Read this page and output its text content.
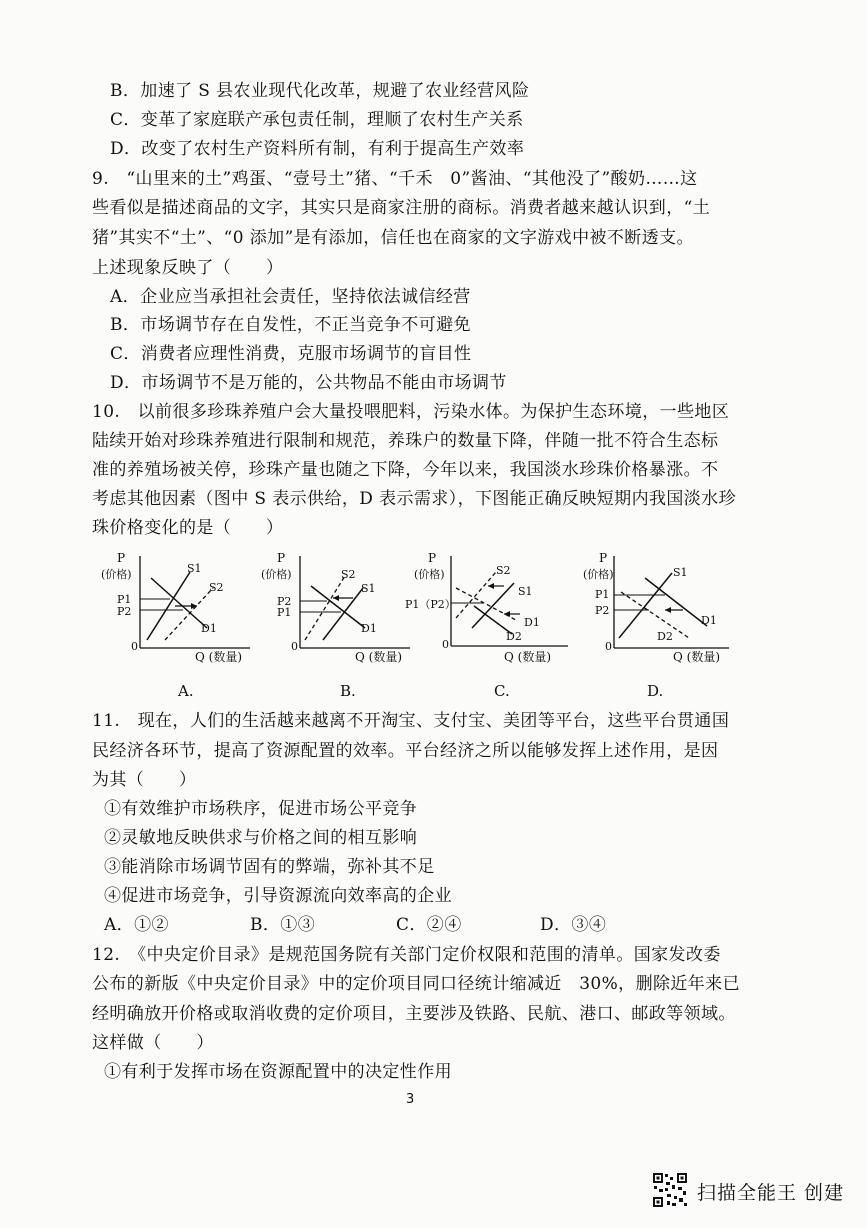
B．加速了 S 县农业现代化改革，规避了农业经营风险
C．变革了家庭联产承包责任制，理顺了农村生产关系
D．改变了农村生产资料所有制，有利于提高生产效率
9.　“山里来的土”鸡蛋、“壹号土”猪、“千禾　0”酱油、“其他没了”酸奶……这
些看似是描述商品的文字，其实只是商家注册的商标。消费者越来越认识到，“土
猪”其实不“土”、“0 添加”是有添加，信任也在商家的文字游戏中被不断透支。
上述现象反映了（　　）
A．企业应当承担社会责任，坚持依法诚信经营
B．市场调节存在自发性，不正当竞争不可避免
C．消费者应理性消费，克服市场调节的盲目性
D．市场调节不是万能的，公共物品不能由市场调节
10.　以前很多珍珠养殖户会大量投喂肥料，污染水体。为保护生态环境，一些地区
陆续开始对珍珠养殖进行限制和规范，养珠户的数量下降，伴随一批不符合生态标
准的养殖场被关停，珍珠产量也随之下降，今年以来，我国淡水珍珠价格暴涨。不
考虑其他因素（图中 S 表示供给，D 表示需求），下图能正确反映短期内我国淡水珍
珠价格变化的是（　　）
P
(价格)
0
Q (数量)
S1
S2
D1
P1
P2
A.
P
(价格)
0
Q (数量)
S2
S1
D1
P2
P1
B.
P
(价格)
0
Q (数量)
S2
S1
D1
D2
P1（P2）
C.
P
(价格)
0
Q (数量)
S1
D1
D2
P1
P2
D.
11.　现在，人们的生活越来越离不开淘宝、支付宝、美团等平台，这些平台贯通国
民经济各环节，提高了资源配置的效率。平台经济之所以能够发挥上述作用，是因
为其（　　）
①有效维护市场秩序，促进市场公平竞争
②灵敏地反映供求与价格之间的相互影响
③能消除市场调节固有的弊端，弥补其不足
④促进市场竞争，引导资源流向效率高的企业
A．①②	B．①③	C．②④	D．③④
12.　《中央定价目录》是规范国务院有关部门定价权限和范围的清单。国家发改委
公布的新版《中央定价目录》中的定价项目同口径统计缩减近　30%，删除近年来已
经明确放开价格或取消收费的定价项目，主要涉及铁路、民航、港口、邮政等领域。
这样做（　　）
①有利于发挥市场在资源配置中的决定性作用
3
扫描全能王 创建
